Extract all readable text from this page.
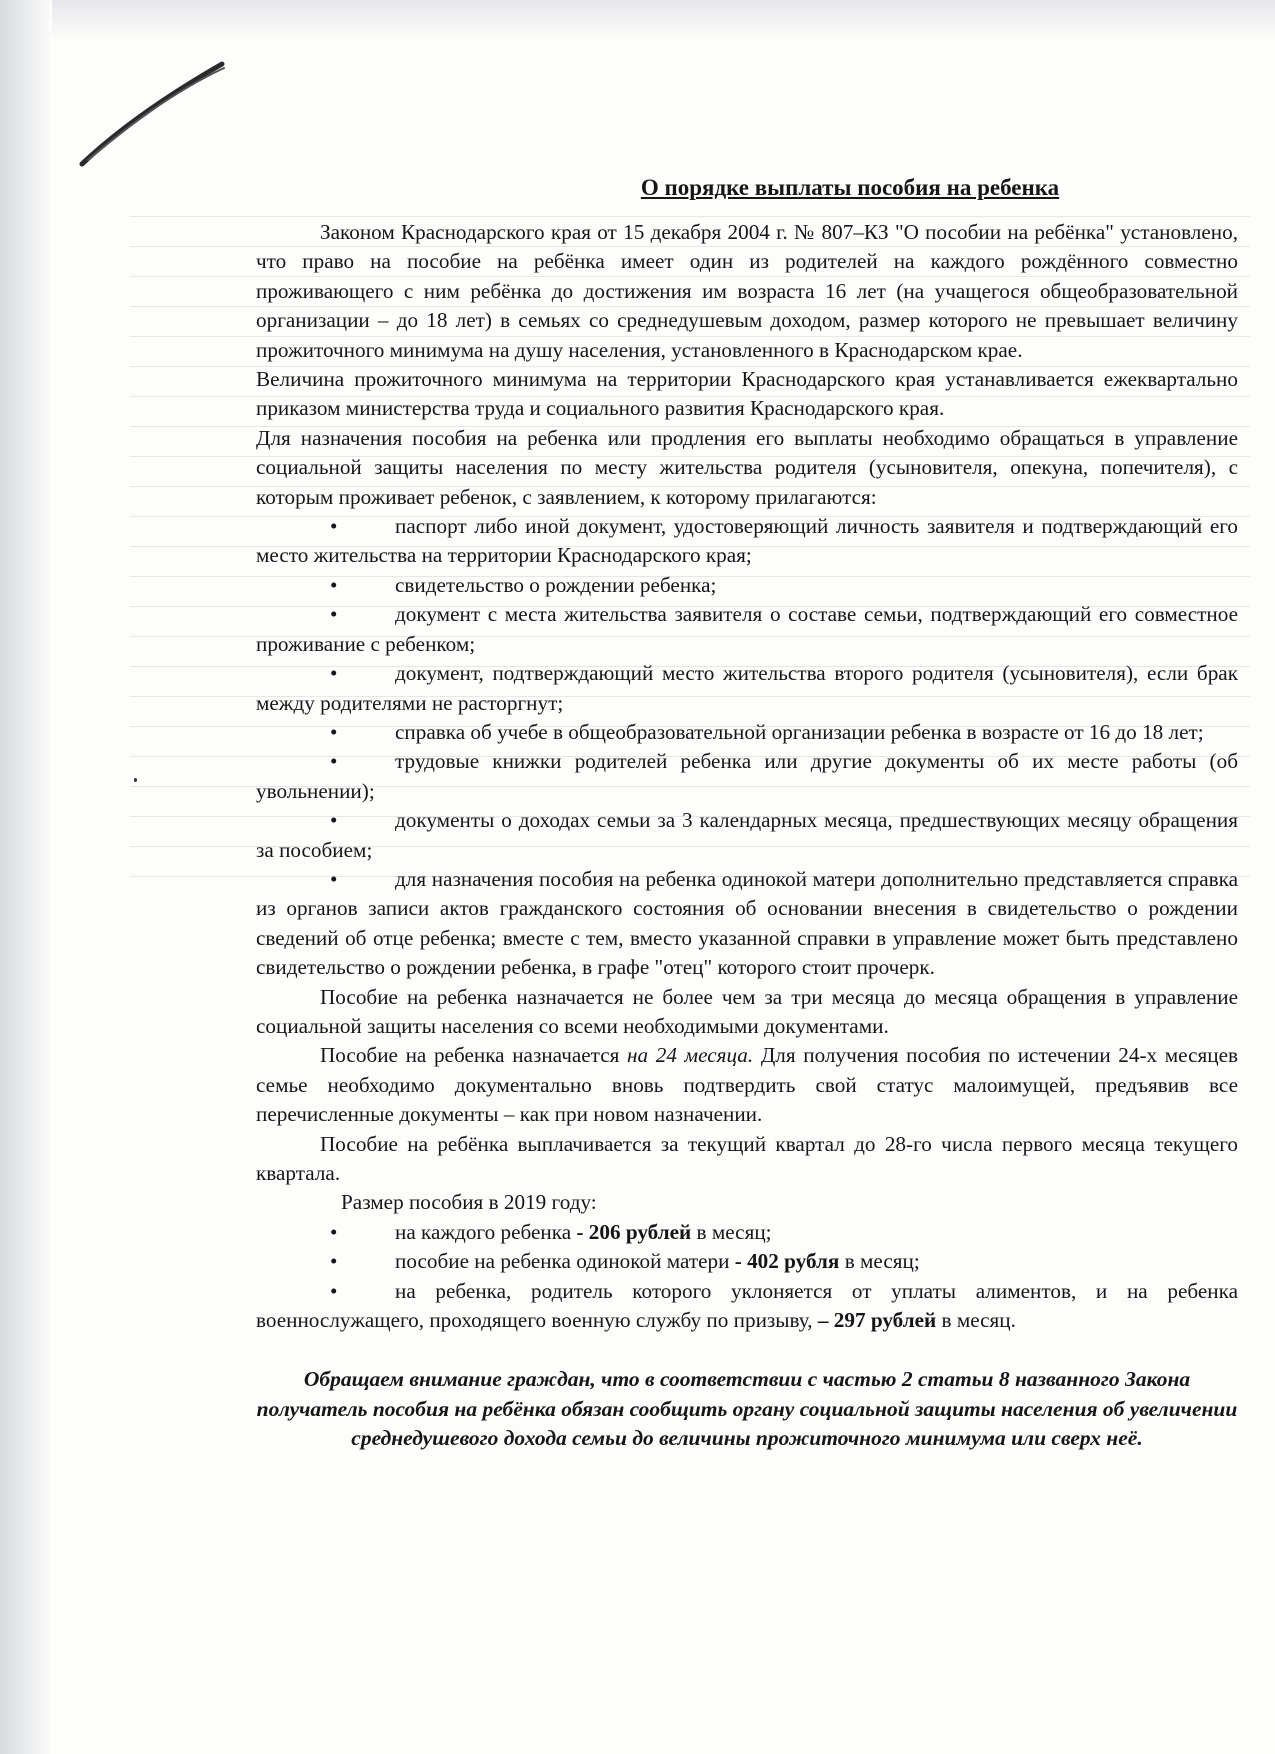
О порядке выплаты пособия на ребенка

Законом Краснодарского края от 15 декабря 2004 г. № 807–КЗ "О пособии на ребёнка" установлено, что право на пособие на ребёнка имеет один из родителей на каждого рождённого совместно проживающего с ним ребёнка до достижения им возраста 16 лет (на учащегося общеобразовательной организации – до 18 лет) в семьях со среднедушевым доходом, размер которого не превышает величину прожиточного минимума на душу населения, установленного в Краснодарском крае.

Величина прожиточного минимума на территории Краснодарского края устанавливается ежеквартально приказом министерства труда и социального развития Краснодарского края.

Для назначения пособия на ребенка или продления его выплаты необходимо обращаться в управление социальной защиты населения по месту жительства родителя (усыновителя, опекуна, попечителя), с которым проживает ребенок, с заявлением, к которому прилагаются:

•	паспорт либо иной документ, удостоверяющий личность заявителя и подтверждающий его место жительства на территории Краснодарского края;
•	свидетельство о рождении ребенка;
•	документ с места жительства заявителя о составе семьи, подтверждающий его совместное проживание с ребенком;
•	документ, подтверждающий место жительства второго родителя (усыновителя), если брак между родителями не расторгнут;
•	справка об учебе в общеобразовательной организации ребенка в возрасте от 16 до 18 лет;
•	трудовые книжки родителей ребенка или другие документы об их месте работы (об увольнении);
•	документы о доходах семьи за 3 календарных месяца, предшествующих месяцу обращения за пособием;
•	для назначения пособия на ребенка одинокой матери дополнительно представляется справка из органов записи актов гражданского состояния об основании внесения в свидетельство о рождении сведений об отце ребенка; вместе с тем, вместо указанной справки в управление может быть представлено свидетельство о рождении ребенка, в графе "отец" которого стоит прочерк.

Пособие на ребенка назначается не более чем за три месяца до месяца обращения в управление социальной защиты населения со всеми необходимыми документами.

Пособие на ребенка назначается на 24 месяца. Для получения пособия по истечении 24-х месяцев семье необходимо документально вновь подтвердить свой статус малоимущей, предъявив все перечисленные документы – как при новом назначении.

Пособие на ребёнка выплачивается за текущий квартал до 28-го числа первого месяца текущего квартала.

Размер пособия в 2019 году:

•	на каждого ребенка - 206 рублей в месяц;
•	пособие на ребенка одинокой матери - 402 рубля в месяц;
•	на ребенка, родитель которого уклоняется от уплаты алиментов, и на ребенка военнослужащего, проходящего военную службу по призыву, – 297 рублей в месяц.

Обращаем внимание граждан, что в соответствии с частью 2 статьи 8 названного Закона получатель пособия на ребёнка обязан сообщить органу социальной защиты населения об увеличении среднедушевого дохода семьи до величины прожиточного минимума или сверх неё.
